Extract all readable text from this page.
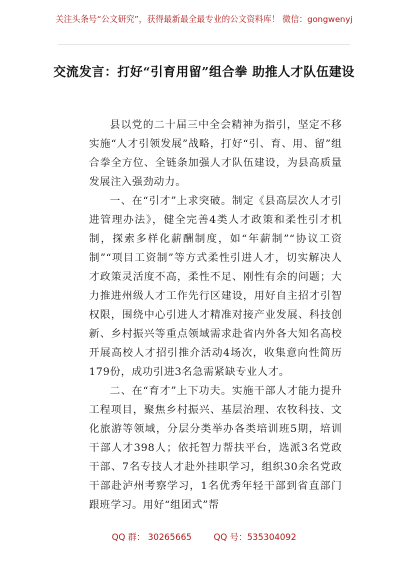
关注头条号“公文研究”，获得最新最全最专业的公文资料库！ 微信：gongwenyj
交流发言：打好“引育用留”组合拳 助推人才队伍建设

县以党的二十届三中全会精神为指引，坚定不移实施“人才引领发展”战略，打好“引、育、用、留”组合拳全方位、全链条加强人才队伍建设，为县高质量发展注入强劲动力。

一、在“引才”上求突破。制定《县高层次人才引进管理办法》，健全完善4类人才政策和柔性引才机制，探索多样化薪酬制度，如“年薪制”“协议工资制”“项目工资制”等方式柔性引进人才，切实解决人才政策灵活度不高，柔性不足、刚性有余的问题；大力推进州级人才工作先行区建设，用好自主招才引智权限，围绕中心引进人才精准对接产业发展、科技创新、乡村振兴等重点领域需求赴省内外各大知名高校开展高校人才招引推介活动4场次，收集意向性简历179份，成功引进3名急需紧缺专业人才。

二、在“育才”上下功夫。实施干部人才能力提升工程项目，聚焦乡村振兴、基层治理、农牧科技、文化旅游等领域，分层分类举办各类培训班5期，培训干部人才398人；依托智力帮扶平台，选派3名党政干部、7名专技人才赴外挂职学习，组织30余名党政干部赴泸州考察学习，1名优秀年轻干部到省直部门跟班学习。用好“组团式”帮

QQ 群： 30265665	QQ 号：535304092
